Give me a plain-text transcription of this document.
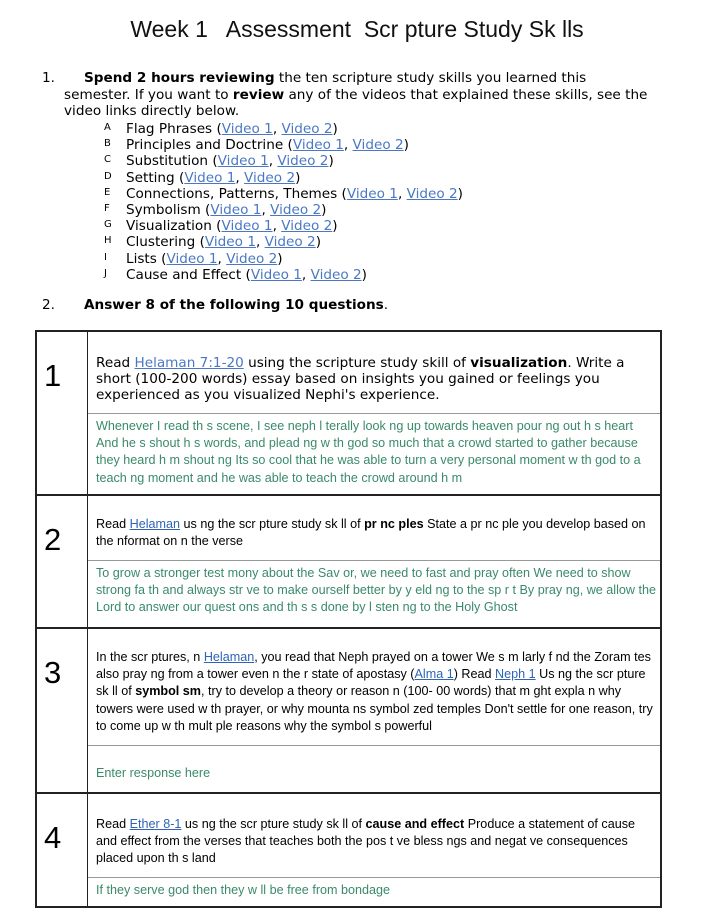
Week 1   Assessment  Scr pture Study Sk lls
1. Spend 2 hours reviewing the ten scripture study skills you learned this
semester. If you want to review any of the videos that explained these skills, see the
video links directly below.
A Flag Phrases (Video 1, Video 2)
B Principles and Doctrine (Video 1, Video 2)
C Substitution (Video 1, Video 2)
D Setting (Video 1, Video 2)
E Connections, Patterns, Themes (Video 1, Video 2)
F Symbolism (Video 1, Video 2)
G Visualization (Video 1, Video 2)
H Clustering (Video 1, Video 2)
I Lists (Video 1, Video 2)
J Cause and Effect (Video 1, Video 2)
2. Answer 8 of the following 10 questions.
1	Read Helaman 7:1-20 using the scripture study skill of visualization. Write a short (100-200 words) essay based on insights you gained or feelings you experienced as you visualized Nephi's experience.
Whenever I read th s scene, I see neph l terally look ng up towards heaven pour ng out h s heart And he s shout h s words, and plead ng w th god so much that a crowd started to gather because they heard h m shout ng Its so cool that he was able to turn a very personal moment w th god to a teach ng moment and he was able to teach the crowd around h m
2	Read Helaman us ng the scr pture study sk ll of pr nc ples State a pr nc ple you develop based on the nformat on n the verse
To grow a stronger test mony about the Sav or, we need to fast and pray often We need to show strong fa th and always str ve to make ourself better by y eld ng to the sp r t By pray ng, we allow the Lord to answer our quest ons and th s s done by l sten ng to the Holy Ghost
3	In the scr ptures, n Helaman, you read that Neph prayed on a tower We s m larly f nd the Zoram tes also pray ng from a tower even n the r state of apostasy (Alma 1) Read Neph 1 Us ng the scr pture sk ll of symbol sm, try to develop a theory or reason n (100- 00 words) that m ght expla n why towers were used w th prayer, or why mounta ns symbol zed temples Don't settle for one reason, try to come up w th mult ple reasons why the symbol s powerful
Enter response here
4	Read Ether 8-1 us ng the scr pture study sk ll of cause and effect Produce a statement of cause and effect from the verses that teaches both the pos t ve bless ngs and negat ve consequences placed upon th s land
If they serve god then they w ll be free from bondage
